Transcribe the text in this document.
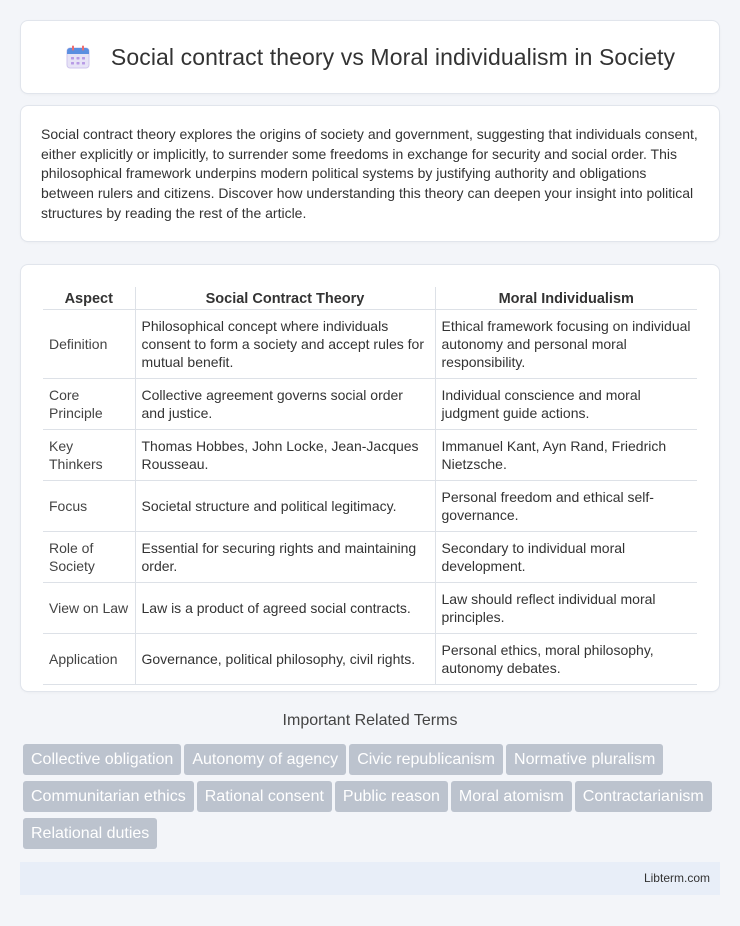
Social contract theory vs Moral individualism in Society

Social contract theory explores the origins of society and government, suggesting that individuals consent, either explicitly or implicitly, to surrender some freedoms in exchange for security and social order. This philosophical framework underpins modern political systems by justifying authority and obligations between rulers and citizens. Discover how understanding this theory can deepen your insight into political structures by reading the rest of the article.

Aspect	Social Contract Theory	Moral Individualism
Definition	Philosophical concept where individuals consent to form a society and accept rules for mutual benefit.	Ethical framework focusing on individual autonomy and personal moral responsibility.
Core Principle	Collective agreement governs social order and justice.	Individual conscience and moral judgment guide actions.
Key Thinkers	Thomas Hobbes, John Locke, Jean-Jacques Rousseau.	Immanuel Kant, Ayn Rand, Friedrich Nietzsche.
Focus	Societal structure and political legitimacy.	Personal freedom and ethical self-governance.
Role of Society	Essential for securing rights and maintaining order.	Secondary to individual moral development.
View on Law	Law is a product of agreed social contracts.	Law should reflect individual moral principles.
Application	Governance, political philosophy, civil rights.	Personal ethics, moral philosophy, autonomy debates.
Important Related Terms
Collective obligation Autonomy of agency Civic republicanism Normative pluralismCommunitarian ethics Rational consent Public reason Moral atomism ContractarianismRelational duties
Libterm.com
